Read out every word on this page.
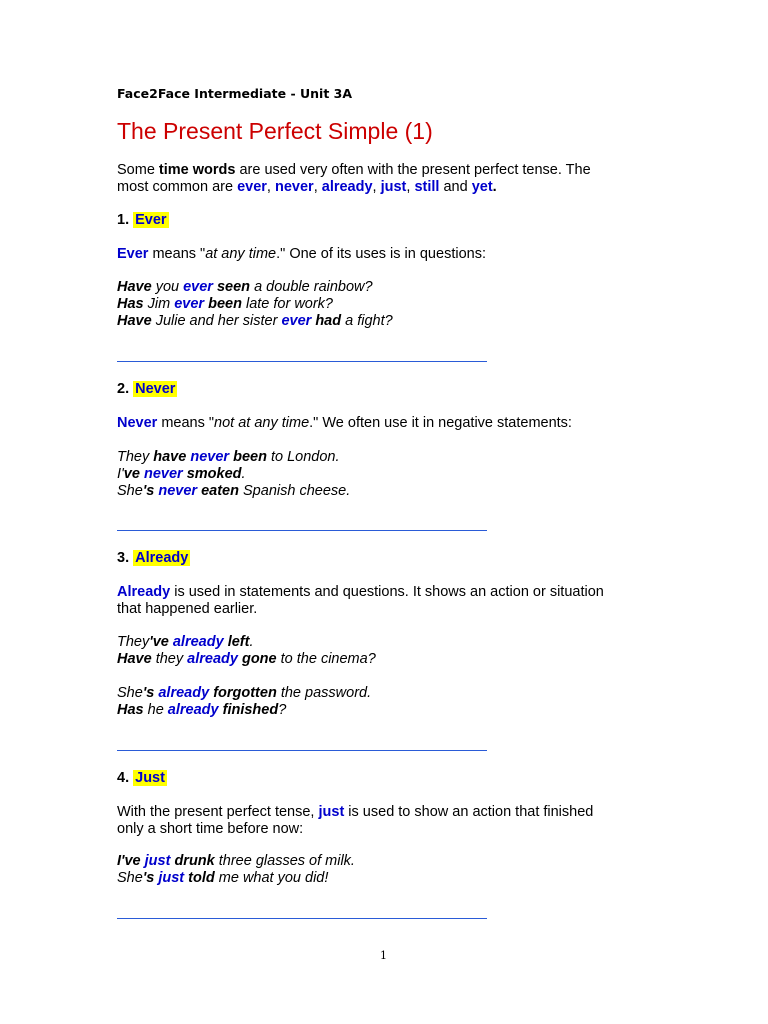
Face2Face Intermediate - Unit 3A
The Present Perfect Simple (1)
Some time words are used very often with the present perfect tense. The
most common are ever, never, already, just, still and yet.
1. Ever
Ever means "at any time." One of its uses is in questions:
Have you ever seen a double rainbow?
Has Jim ever been late for work?
Have Julie and her sister ever had a fight?
2. Never
Never means "not at any time." We often use it in negative statements:
They have never been to London.
I've never smoked.
She's never eaten Spanish cheese.
3. Already
Already is used in statements and questions. It shows an action or situation
that happened earlier.
They've already left.
Have they already gone to the cinema?
She's already forgotten the password.
Has he already finished?
4. Just
With the present perfect tense, just is used to show an action that finished
only a short time before now:
I've just drunk three glasses of milk.
She's just told me what you did!
1
